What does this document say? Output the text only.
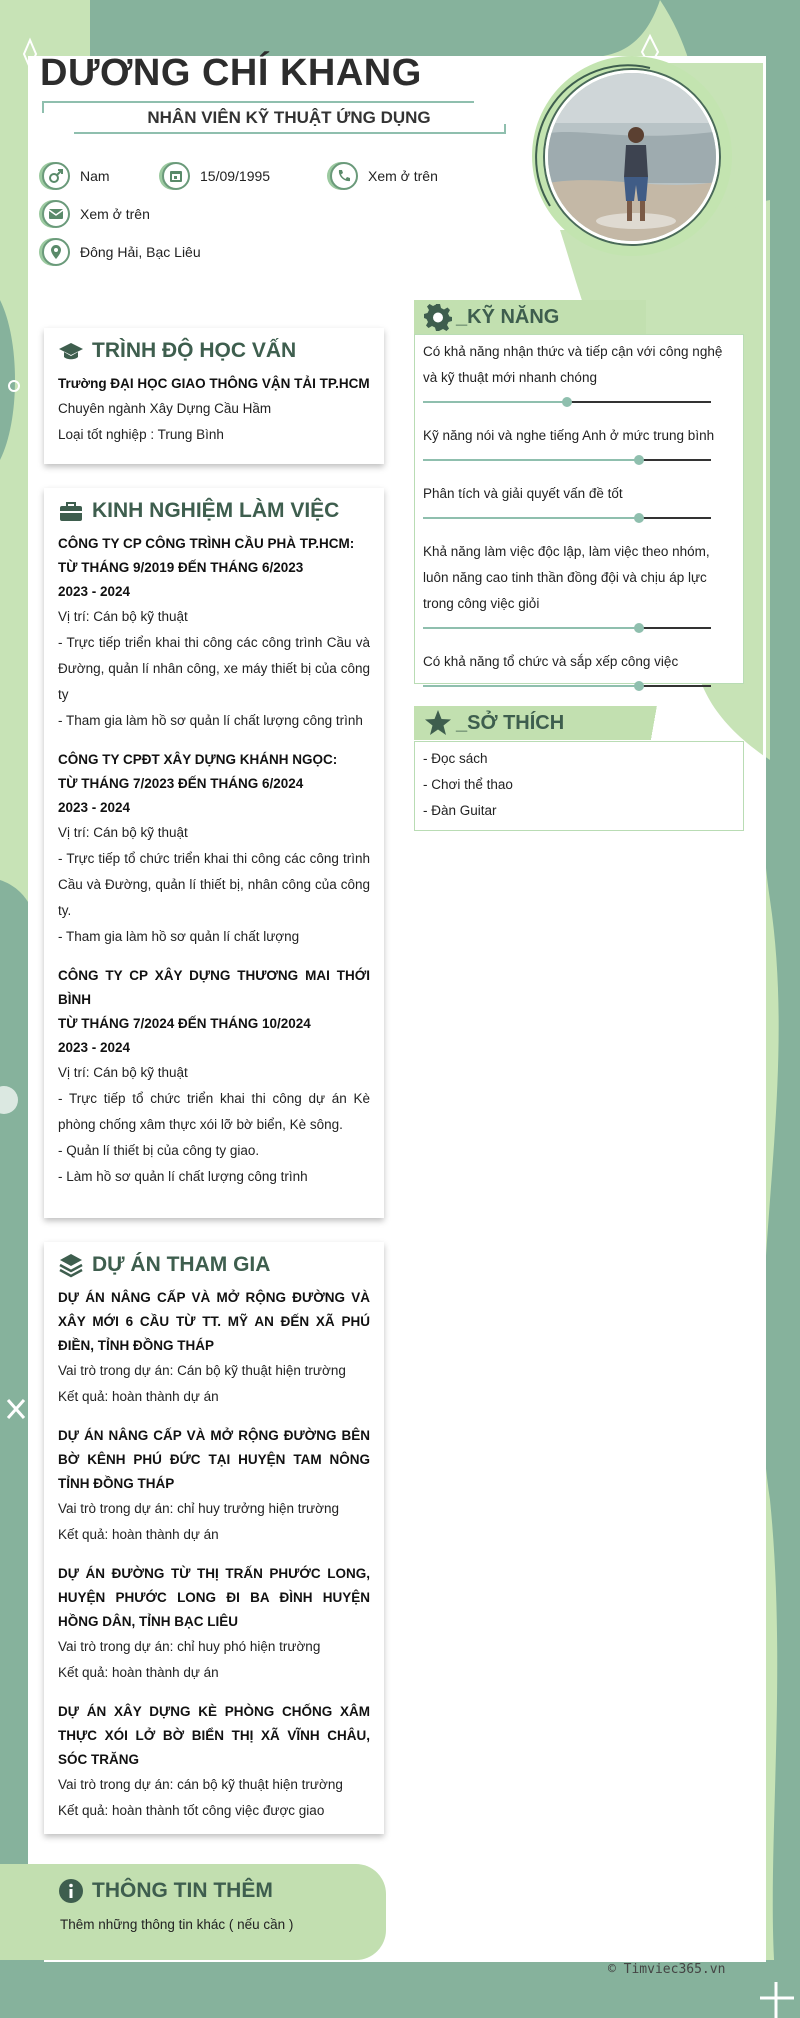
DƯƠNG CHÍ KHANG
NHÂN VIÊN KỸ THUẬT ỨNG DỤNG
Nam	15/09/1995	Xem ở trên
Xem ở trên
Đông Hải, Bạc Liêu
TRÌNH ĐỘ HỌC VẤN
Trường ĐẠI HỌC GIAO THÔNG VẬN TẢI TP.HCM
Chuyên ngành Xây Dựng Cầu Hầm
Loại tốt nghiệp : Trung Bình
KINH NGHIỆM LÀM VIỆC
CÔNG TY CP CÔNG TRÌNH CẦU PHÀ TP.HCM:
TỪ THÁNG 9/2019 ĐẾN THÁNG 6/2023
2023 - 2024
Vị trí: Cán bộ kỹ thuật
- Trực tiếp triển khai thi công các công trình Cầu và Đường, quản lí nhân công, xe máy thiết bị của công ty
- Tham gia làm hồ sơ quản lí chất lượng công trình
CÔNG TY CPĐT XÂY DỰNG KHÁNH NGỌC:
TỪ THÁNG 7/2023 ĐẾN THÁNG 6/2024
2023 - 2024
Vị trí: Cán bộ kỹ thuật
- Trực tiếp tổ chức triển khai thi công các công trình Cầu và Đường, quản lí thiết bị, nhân công của công ty.
- Tham gia làm hồ sơ quản lí chất lượng
CÔNG TY CP XÂY DỰNG THƯƠNG MAI THỚI BÌNH
TỪ THÁNG 7/2024 ĐẾN THÁNG 10/2024
2023 - 2024
Vị trí: Cán bộ kỹ thuật
- Trực tiếp tổ chức triển khai thi công dự án Kè phòng chống xâm thực xói lỡ bờ biển, Kè sông.
- Quản lí thiết bị của công ty giao.
- Làm hồ sơ quản lí chất lượng công trình
DỰ ÁN THAM GIA
DỰ ÁN NÂNG CẤP VÀ MỞ RỘNG ĐƯỜNG VÀ XÂY MỚI 6 CẦU TỪ TT. MỸ AN ĐẾN XÃ PHÚ ĐIỀN, TỈNH ĐỒNG THÁP
Vai trò trong dự án: Cán bộ kỹ thuật hiện trường
Kết quả: hoàn thành dự án
DỰ ÁN NÂNG CẤP VÀ MỞ RỘNG ĐƯỜNG BÊN BỜ KÊNH PHÚ ĐỨC TẠI HUYỆN TAM NÔNG TỈNH ĐỒNG THÁP
Vai trò trong dự án: chỉ huy trưởng hiện trường
Kết quả: hoàn thành dự án
DỰ ÁN ĐƯỜNG TỪ THỊ TRẤN PHƯỚC LONG, HUYỆN PHƯỚC LONG ĐI BA ĐÌNH HUYỆN HỒNG DÂN, TỈNH BẠC LIÊU
Vai trò trong dự án: chỉ huy phó hiện trường
Kết quả: hoàn thành dự án
DỰ ÁN XÂY DỰNG KÈ PHÒNG CHỐNG XÂM THỰC XÓI LỞ BỜ BIỂN THỊ XÃ VĨNH CHÂU, SÓC TRĂNG
Vai trò trong dự án: cán bộ kỹ thuật hiện trường
Kết quả: hoàn thành tốt công việc được giao
THÔNG TIN THÊM
Thêm những thông tin khác ( nếu cần )
_KỸ NĂNG
Có khả năng nhận thức và tiếp cận với công nghệ và kỹ thuật mới nhanh chóng
Kỹ năng nói và nghe tiếng Anh ở mức trung bình
Phân tích và giải quyết vấn đề tốt
Khả năng làm việc độc lập, làm việc theo nhóm, luôn năng cao tinh thần đồng đội và chịu áp lực trong công việc giỏi
Có khả năng tổ chức và sắp xếp công việc
_SỞ THÍCH
- Đọc sách
- Chơi thể thao
- Đàn Guitar
© Timviec365.vn
